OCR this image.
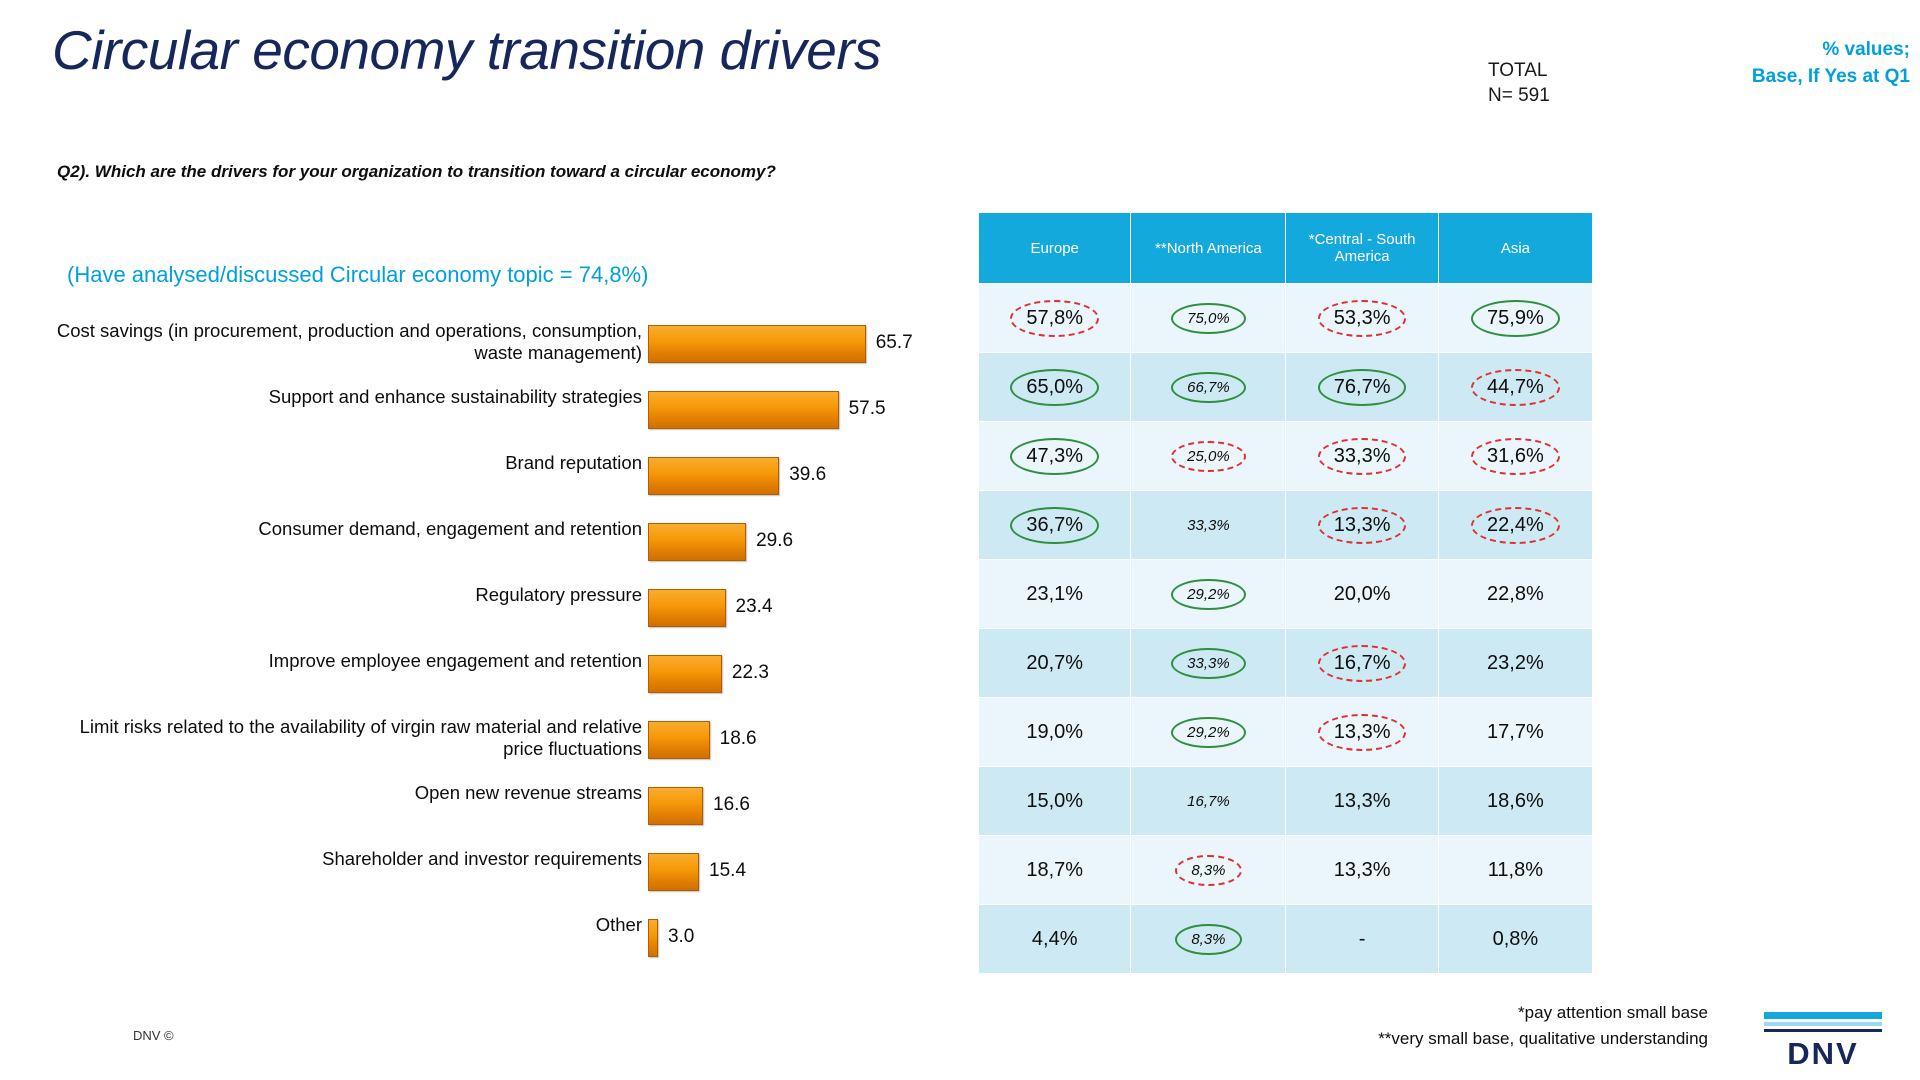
Circular economy transition drivers	TOTAL
N= 591
% values;
Base, If Yes at Q1
Q2). Which are the drivers for your organization to transition toward a circular economy?
(Have analysed/discussed Circular economy topic = 74,8%)
Cost savings (in procurement, production and operations, consumption, waste management)	65.7
Support and enhance sustainability strategies
57.5
Brand reputation
39.6
Consumer demand, engagement and retention
29.6
Regulatory pressure
23.4
Improve employee engagement and retention
22.3
Limit risks related to the availability of virgin raw material and relative price fluctuations	18.6
Open new revenue streams
16.6
Shareholder and investor requirements
15.4
Other
3.0
Europe	**North America	*Central - South America	Asia
57,8%	75,0%	53,3%	75,9%
65,0%	66,7%	76,7%	44,7%
47,3%	25,0%	33,3%	31,6%
36,7%	33,3%	13,3%	22,4%
23,1%	29,2%	20,0%	22,8%
20,7%	33,3%	16,7%	23,2%
19,0%	29,2%	13,3%	17,7%
15,0%	16,7%	13,3%	18,6%
18,7%	8,3%	13,3%	11,8%
4,4%	8,3%	-	0,8%
*pay attention small base
**very small base, qualitative understanding
DNV ©
DNV
